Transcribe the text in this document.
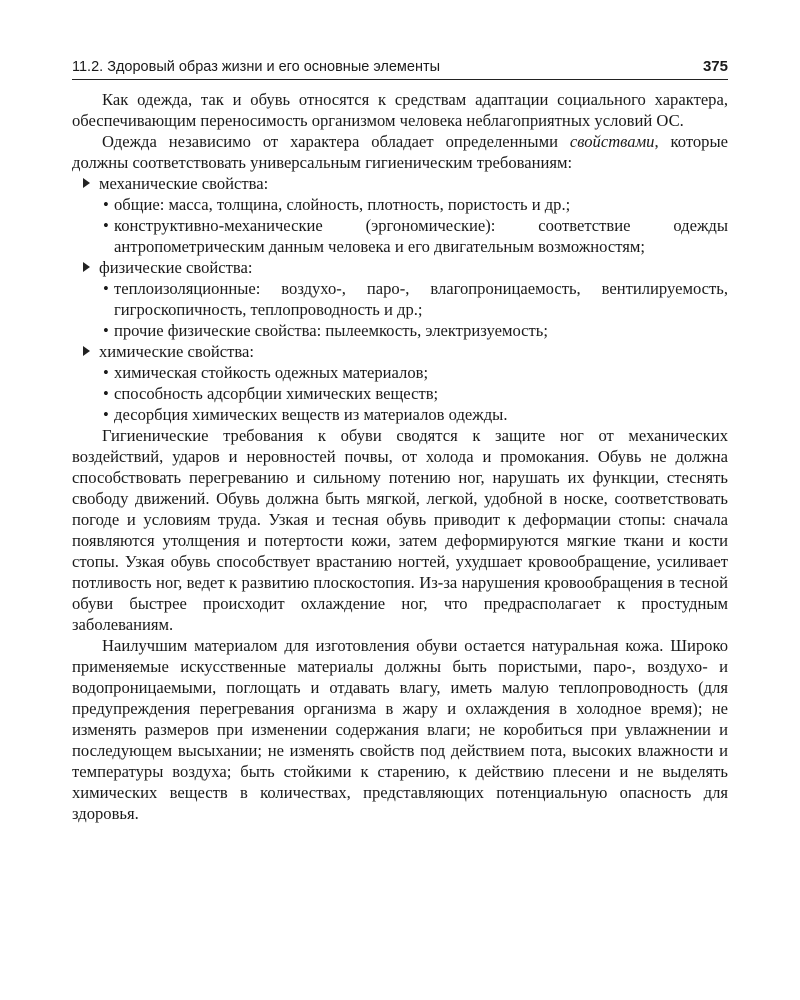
11.2. Здоровый образ жизни и его основные элементы	375

Как одежда, так и обувь относятся к средствам адаптации социального характера, обеспечивающим переносимость организмом человека неблагоприятных условий ОС.

Одежда независимо от характера обладает определенными свойствами, которые должны соответствовать универсальным гигиеническим требованиям:

механические свойства:
• общие: масса, толщина, слойность, плотность, пористость и др.;
• конструктивно-механические (эргономические): соответствие одежды антропометрическим данным человека и его двигательным возможностям;
физические свойства:
• теплоизоляционные: воздухо-, паро-, влагопроницаемость, вентилируемость, гигроскопичность, теплопроводность и др.;
• прочие физические свойства: пылеемкость, электризуемость;
химические свойства:
• химическая стойкость одежных материалов;
• способность адсорбции химических веществ;
• десорбция химических веществ из материалов одежды.

Гигиенические требования к обуви сводятся к защите ног от механических воздействий, ударов и неровностей почвы, от холода и промокания. Обувь не должна способствовать перегреванию и сильному потению ног, нарушать их функции, стеснять свободу движений. Обувь должна быть мягкой, легкой, удобной в носке, соответствовать погоде и условиям труда. Узкая и тесная обувь приводит к деформации стопы: сначала появляются утолщения и потертости кожи, затем деформируются мягкие ткани и кости стопы. Узкая обувь способствует врастанию ногтей, ухудшает кровообращение, усиливает потливость ног, ведет к развитию плоскостопия. Из-за нарушения кровообращения в тесной обуви быстрее происходит охлаждение ног, что предрасполагает к простудным заболеваниям.

Наилучшим материалом для изготовления обуви остается натуральная кожа. Широко применяемые искусственные материалы должны быть пористыми, паро-, воздухо- и водопроницаемыми, поглощать и отдавать влагу, иметь малую теплопроводность (для предупреждения перегревания организма в жару и охлаждения в холодное время); не изменять размеров при изменении содержания влаги; не коробиться при увлажнении и последующем высыхании; не изменять свойств под действием пота, высоких влажности и температуры воздуха; быть стойкими к старению, к действию плесени и не выделять химических веществ в количествах, представляющих потенциальную опасность для здоровья.
